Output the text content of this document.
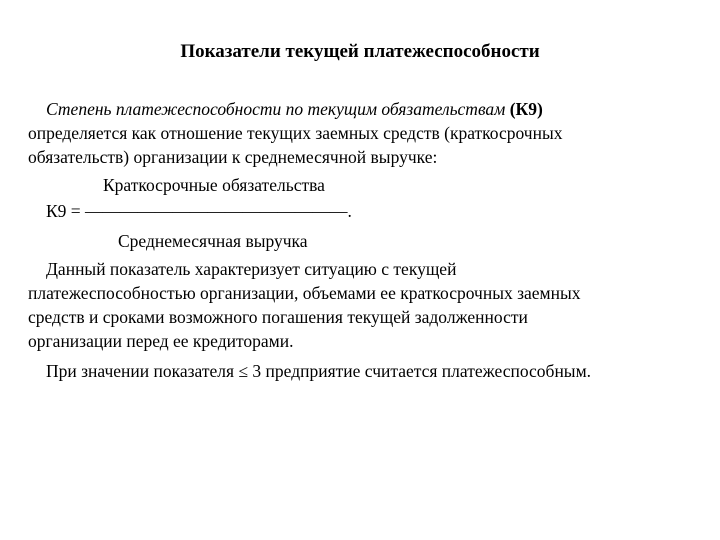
Показатели текущей платежеспособности
Степень платежеспособности по текущим обязательствам (К9)
определяется как отношение текущих заемных средств (краткосрочных
обязательств) организации к среднемесячной выручке:
Краткосрочные обязательства
К9 = ———————————————.
Среднемесячная выручка
Данный показатель характеризует ситуацию с текущей
платежеспособностью организации, объемами ее краткосрочных заемных
средств и сроками возможного погашения текущей задолженности
организации перед ее кредиторами.
При значении показателя ≤ 3 предприятие считается платежеспособным.
